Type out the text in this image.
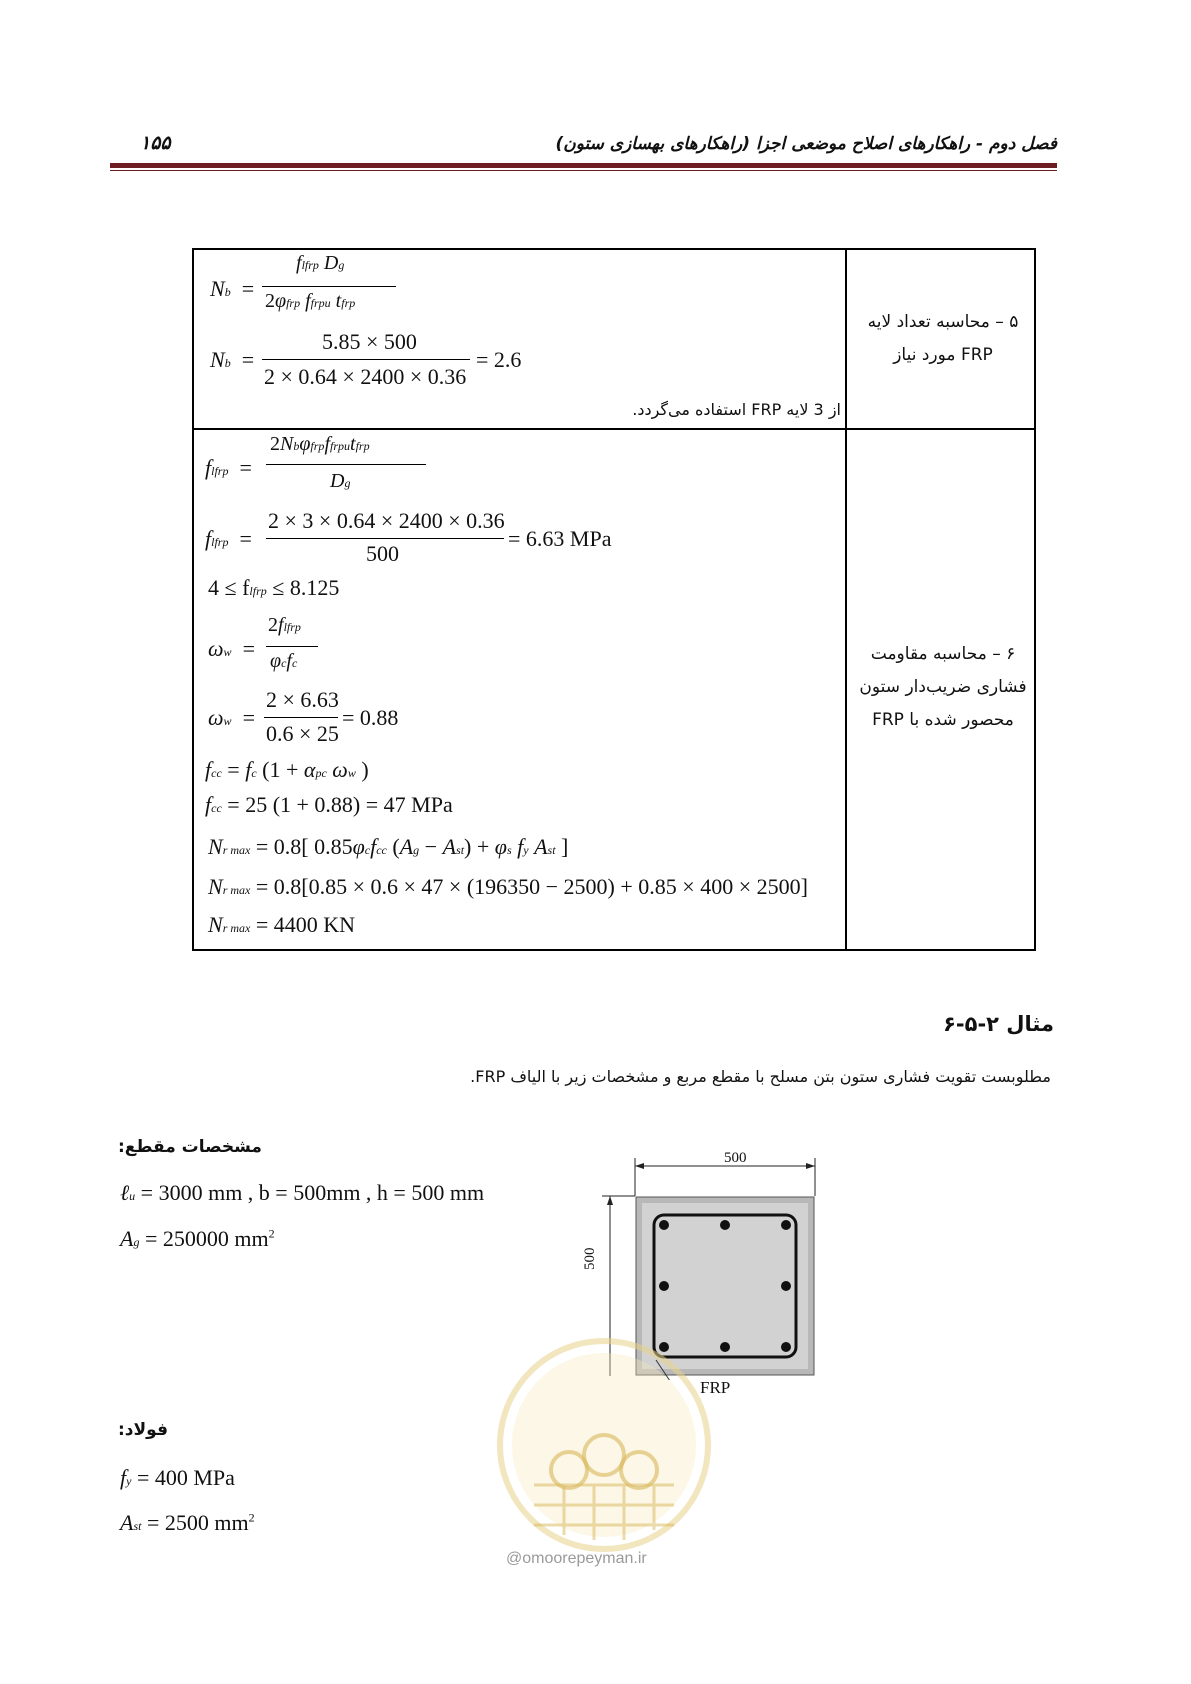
فصل دوم - راهکارهای اصلاح موضعی اجزا (راهکارهای بهسازی ستون)
۱۵۵
۵ – محاسبه تعداد لایه
FRP مورد نیاز
Nb  =
flfrp Dg
2φfrp ffrpu tfrp
Nb  =
5.85 × 500
2 × 0.64 × 2400 × 0.36
= 2.6
از 3 لایه FRP استفاده می‌گردد.
۶ – محاسبه مقاومت
فشاری ضریب‌دار ستون
محصور شده با FRP
flfrp  =
2Nbφfrpffrputfrp
Dg
flfrp  =
2 × 3 × 0.64 × 2400 × 0.36
500
= 6.63 MPa
4 ≤ flfrp ≤ 8.125
ωw  =
2flfrp
φcfc
ωw  =
2 × 6.63
0.6 × 25
= 0.88
fcc = fc (1 + αpc ωw )
fcc = 25 (1 + 0.88) = 47 MPa
Nr max = 0.8[ 0.85φcfcc (Ag − Ast) + φs fy Ast ]
Nr max = 0.8[0.85 × 0.6 × 47 × (196350 − 2500) + 0.85 × 400 × 2500]
Nr max = 4400 KN
مثال ۲-۵-۶
مطلوبست تقویت فشاری ستون بتن مسلح با مقطع مربع و مشخصات زیر با الیاف FRP.
مشخصات مقطع:
ℓu = 3000 mm , b = 500mm , h = 500 mm
Ag = 250000 $mm^2$
فولاد:
fy = 400 MPa
Ast = 2500 $mm^2$
500
500
FRP
@omoorepeyman.ir
